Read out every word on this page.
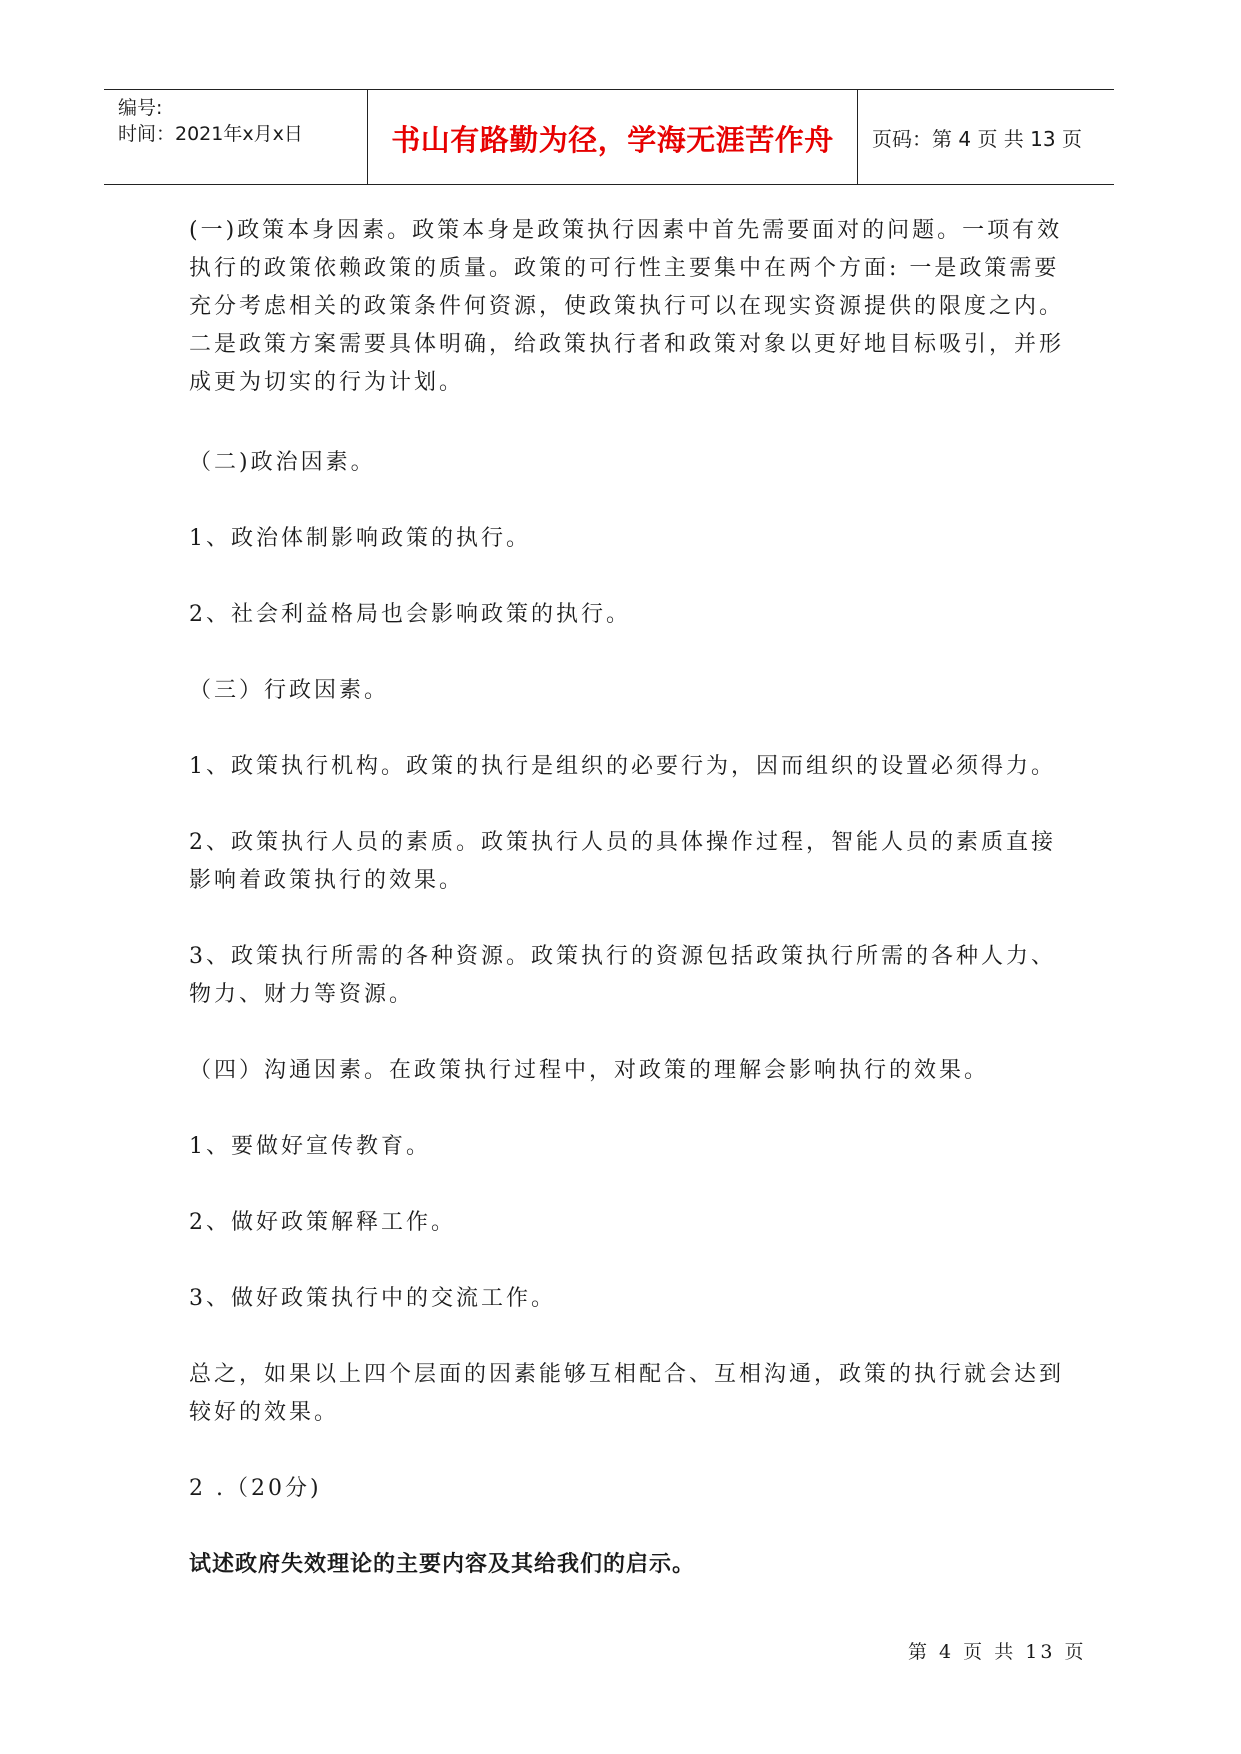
编号:
时间：2021年x月x日	书山有路勤为径，学海无涯苦作舟 页码：第 4 页 共 13 页

(一)政策本身因素。政策本身是政策执行因素中首先需要面对的问题。一项有效执行的政策依赖政策的质量。政策的可行性主要集中在两个方面: 一是政策需要充分考虑相关的政策条件何资源，使政策执行可以在现实资源提供的限度之内。二是政策方案需要具体明确，给政策执行者和政策对象以更好地目标吸引，并形成更为切实的行为计划。

（二)政治因素。

1、政治体制影响政策的执行。

2、社会利益格局也会影响政策的执行。

（三）行政因素。

1、政策执行机构。政策的执行是组织的必要行为，因而组织的设置必须得力。

2、政策执行人员的素质。政策执行人员的具体操作过程，智能人员的素质直接影响着政策执行的效果。

3、政策执行所需的各种资源。政策执行的资源包括政策执行所需的各种人力、物力、财力等资源。

（四）沟通因素。在政策执行过程中，对政策的理解会影响执行的效果。

1、要做好宣传教育。

2、做好政策解释工作。

3、做好政策执行中的交流工作。

总之，如果以上四个层面的因素能够互相配合、互相沟通，政策的执行就会达到较好的效果。

2 .（20分)

试述政府失效理论的主要内容及其给我们的启示。

第 4 页 共 13 页
